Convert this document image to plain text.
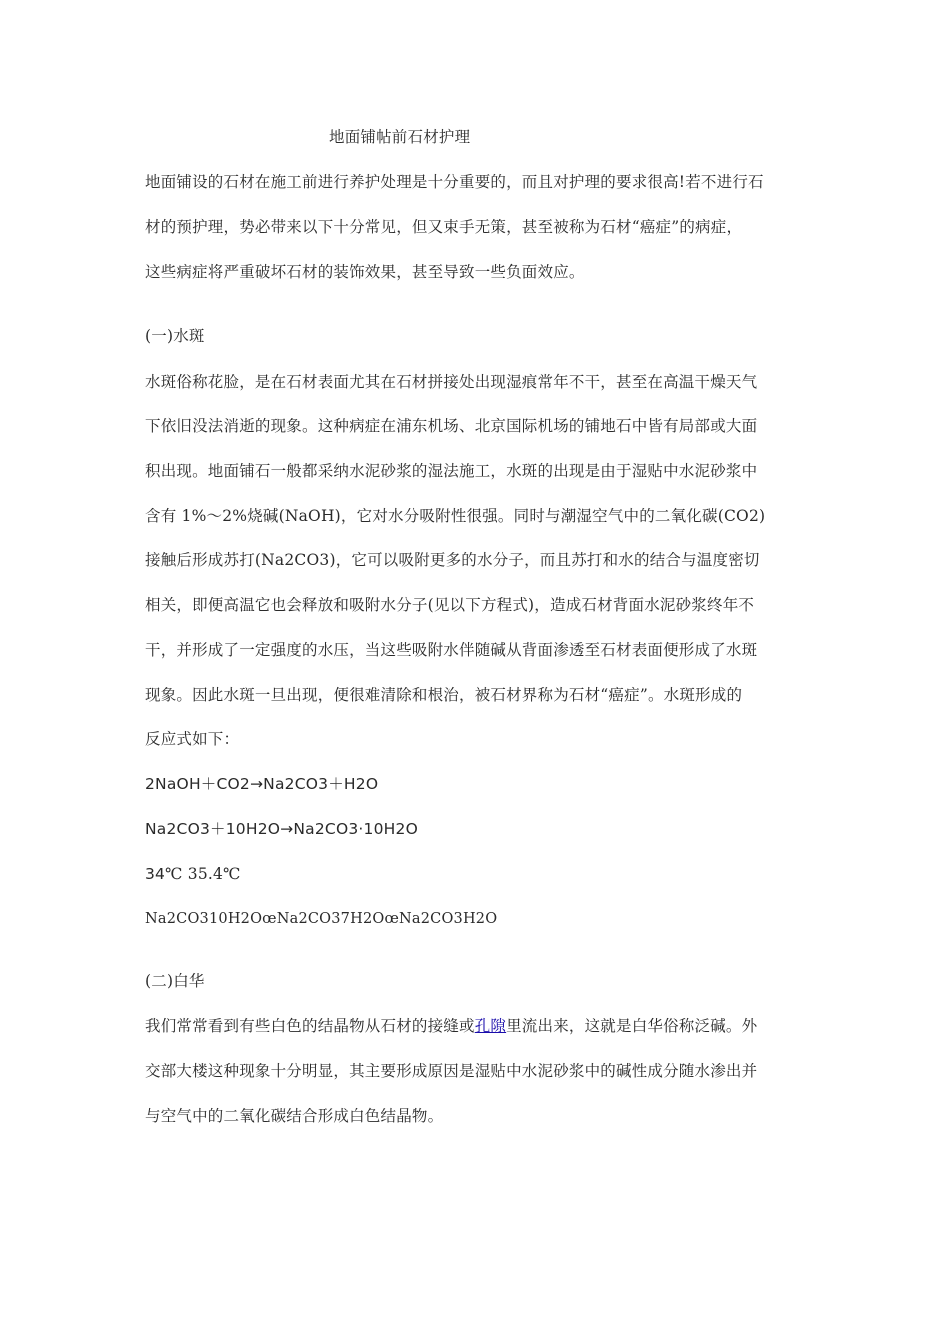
地面铺帖前石材护理
地面铺设的石材在施工前进行养护处理是十分重要的，而且对护理的要求很高!若不进行石
材的预护理，势必带来以下十分常见，但又束手无策，甚至被称为石材“癌症”的病症，
这些病症将严重破坏石材的装饰效果，甚至导致一些负面效应。
(一)水斑
水斑俗称花脸，是在石材表面尤其在石材拼接处出现湿痕常年不干，甚至在高温干燥天气
下依旧没法消逝的现象。这种病症在浦东机场、北京国际机场的铺地石中皆有局部或大面
积出现。地面铺石一般都采纳水泥砂浆的湿法施工，水斑的出现是由于湿贴中水泥砂浆中
含有 1%～2%烧碱(NaOH)，它对水分吸附性很强。同时与潮湿空气中的二氧化碳(CO2)
接触后形成苏打(Na2CO3)，它可以吸附更多的水分子，而且苏打和水的结合与温度密切
相关，即便高温它也会释放和吸附水分子(见以下方程式)，造成石材背面水泥砂浆终年不
干，并形成了一定强度的水压，当这些吸附水伴随碱从背面渗透至石材表面便形成了水斑
现象。因此水斑一旦出现，便很难清除和根治，被石材界称为石材“癌症”。水斑形成的
反应式如下：
2NaOH＋CO2→Na2CO3＋H2O
Na2CO3＋10H2O→Na2CO3·10H2O
34℃ 35.4℃
Na2CO310H2OœNa2CO37H2OœNa2CO3H2O
(二)白华
我们常常看到有些白色的结晶物从石材的接缝或孔隙里流出来，这就是白华俗称泛碱。外
交部大楼这种现象十分明显，其主要形成原因是湿贴中水泥砂浆中的碱性成分随水渗出并
与空气中的二氧化碳结合形成白色结晶物。
